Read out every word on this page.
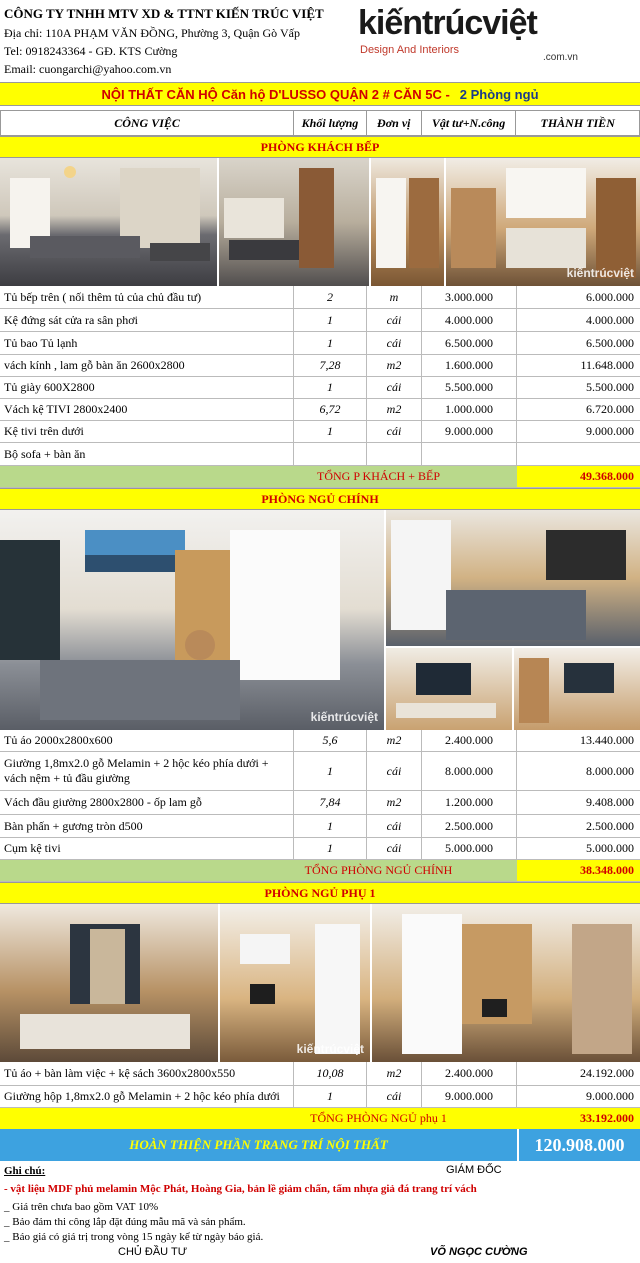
CÔNG TY TNHH MTV XD & TTNT KIẾN TRÚC VIỆT
Địa chỉ: 110A PHẠM VĂN ĐỒNG, Phường 3, Quận Gò Vấp
Tel: 0918243364 - GĐ. KTS Cường
Email: cuongarchi@yahoo.com.vn
kiếntrúcviệt
Design And Interiors
.com.vn
NỘI THẤT CĂN HỘ Căn hộ D'LUSSO QUẬN 2 # CĂN 5C - 2 Phòng ngủ
CÔNG VIỆC	Khối lượng	Đơn vị	Vật tư+N.công	THÀNH TIỀN
PHÒNG KHÁCH BẾP
kiếntrúcviệt
Tủ bếp trên ( nối thêm tủ của chủ đầu tư)	2	m	3.000.000	6.000.000
Kệ đứng sát cửa ra sân phơi	1	cái	4.000.000	4.000.000
Tủ bao Tủ lạnh	1	cái	6.500.000	6.500.000
vách kính , lam gỗ bàn ăn 2600x2800	7,28	m2	1.600.000	11.648.000
Tủ giày 600X2800	1	cái	5.500.000	5.500.000
Vách kệ TIVI 2800x2400	6,72	m2	1.000.000	6.720.000
Kệ tivi trên dưới	1	cái	9.000.000	9.000.000
Bộ sofa + bàn ăn
TỔNG P KHÁCH + BẾP	49.368.000
PHÒNG NGỦ CHÍNH
kiếntrúcviệt
Tủ áo 2000x2800x600	5,6	m2	2.400.000	13.440.000
Giường 1,8mx2.0 gỗ Melamin + 2 hộc kéo phía dưới + vách nệm + tủ đầu giường
1	cái	8.000.000	8.000.000
Vách đầu giường 2800x2800 - ốp lam gỗ	7,84	m2	1.200.000	9.408.000
Bàn phấn + gương tròn d500	1	cái	2.500.000	2.500.000
Cụm kệ tivi	1	cái	5.000.000	5.000.000
TỔNG PHÒNG NGỦ CHÍNH	38.348.000
PHÒNG NGỦ PHỤ 1
kiếntrúcviệt
Tủ áo + bàn làm việc + kệ sách 3600x2800x550	10,08	m2	2.400.000	24.192.000
Giường hộp 1,8mx2.0 gỗ Melamin + 2 hộc kéo phía dưới	1	cái	9.000.000	9.000.000
TỔNG PHÒNG NGỦ phụ 1	33.192.000
HOÀN THIỆN PHẦN TRANG TRÍ NỘI THẤT	120.908.000

Ghi chú:

- vật liệu MDF phủ melamin Mộc Phát, Hoàng Gia, bản lề giảm chấn, tấm nhựa giả đá trang trí vách

_ Giá trên chưa bao gồm VAT 10%

_ Bảo đảm thi công lắp đặt đúng mẫu mã và sản phẩm.

_ Báo giá có giá trị trong vòng 15 ngày kể từ ngày báo giá.

GIÁM ĐỐC
CHỦ ĐẦU TƯ	VÕ NGỌC CƯỜNG
